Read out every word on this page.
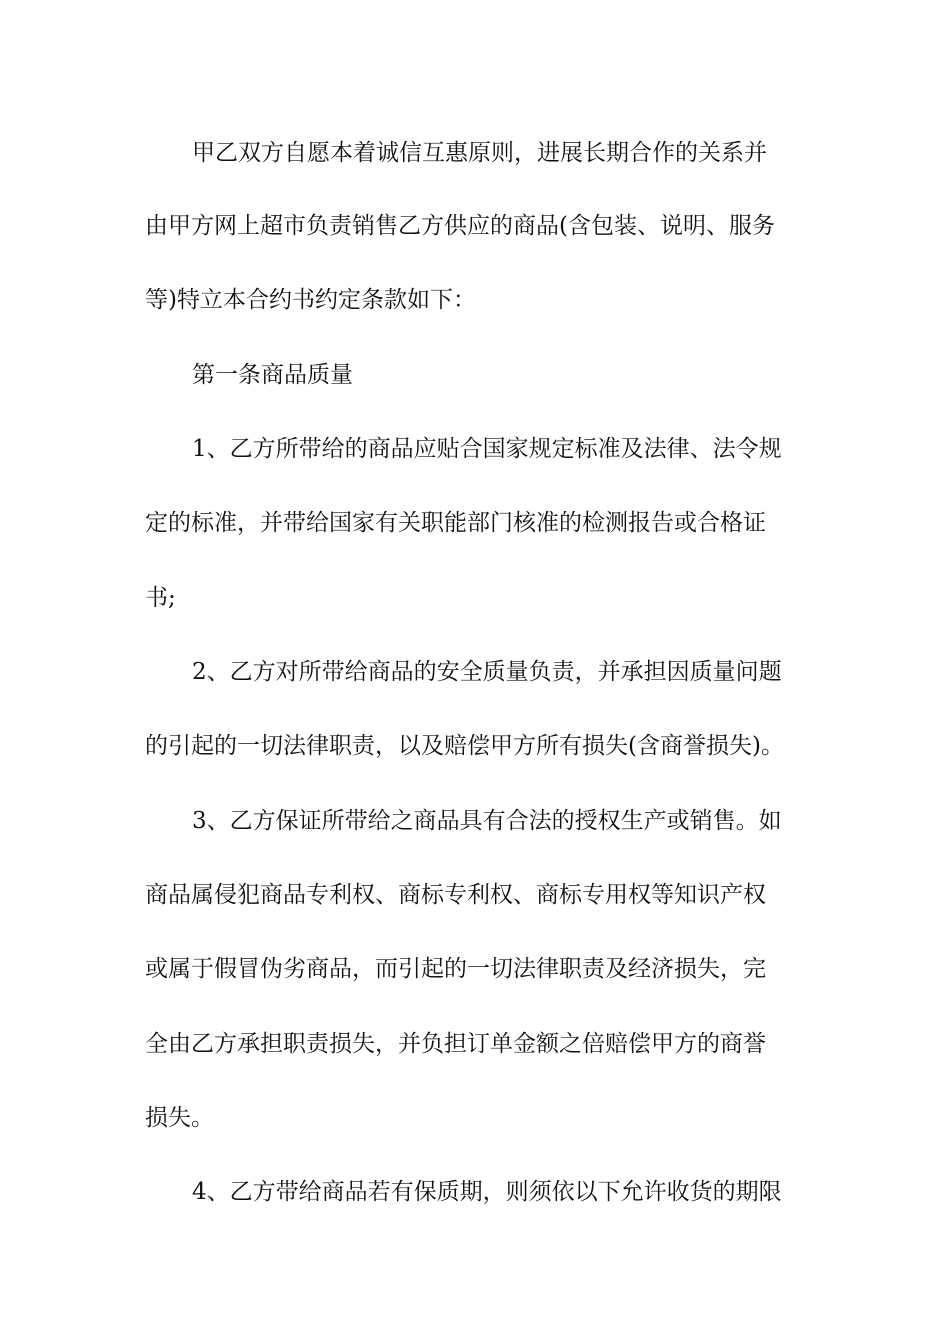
甲乙双方自愿本着诚信互惠原则，进展长期合作的关系并
由甲方网上超市负责销售乙方供应的商品(含包装、说明、服务
等)特立本合约书约定条款如下：
第一条商品质量
1、乙方所带给的商品应贴合国家规定标准及法律、法令规
定的标准，并带给国家有关职能部门核准的检测报告或合格证
书;
2、乙方对所带给商品的安全质量负责，并承担因质量问题
的引起的一切法律职责，以及赔偿甲方所有损失(含商誉损失)。
3、乙方保证所带给之商品具有合法的授权生产或销售。如
商品属侵犯商品专利权、商标专利权、商标专用权等知识产权
或属于假冒伪劣商品，而引起的一切法律职责及经济损失，完
全由乙方承担职责损失，并负担订单金额之倍赔偿甲方的商誉
损失。
4、乙方带给商品若有保质期，则须依以下允许收货的期限
